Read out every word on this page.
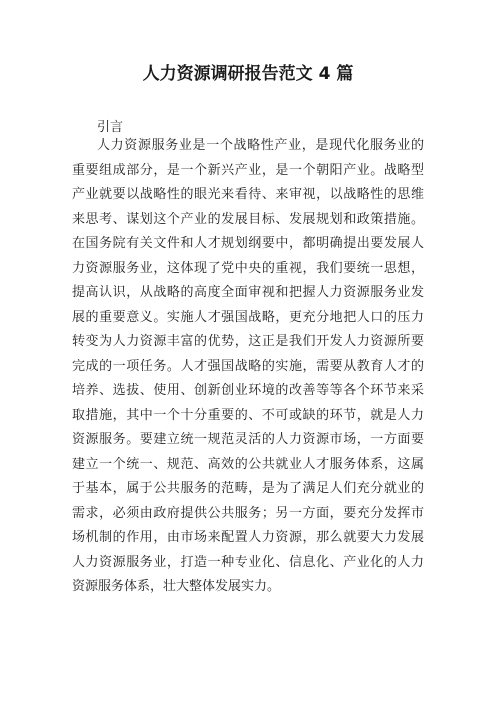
人力资源调研报告范文 4 篇
引言
人力资源服务业是一个战略性产业，是现代化服务业的
重要组成部分，是一个新兴产业，是一个朝阳产业。战略型
产业就要以战略性的眼光来看待、来审视，以战略性的思维
来思考、谋划这个产业的发展目标、发展规划和政策措施。
在国务院有关文件和人才规划纲要中，都明确提出要发展人
力资源服务业，这体现了党中央的重视，我们要统一思想，
提高认识，从战略的高度全面审视和把握人力资源服务业发
展的重要意义。实施人才强国战略，更充分地把人口的压力
转变为人力资源丰富的优势，这正是我们开发人力资源所要
完成的一项任务。人才强国战略的实施，需要从教育人才的
培养、选拔、使用、创新创业环境的改善等等各个环节来采
取措施，其中一个十分重要的、不可或缺的环节，就是人力
资源服务。要建立统一规范灵活的人力资源市场，一方面要
建立一个统一、规范、高效的公共就业人才服务体系，这属
于基本，属于公共服务的范畴，是为了满足人们充分就业的
需求，必须由政府提供公共服务；另一方面，要充分发挥市
场机制的作用，由市场来配置人力资源，那么就要大力发展
人力资源服务业，打造一种专业化、信息化、产业化的人力
资源服务体系，壮大整体发展实力。
